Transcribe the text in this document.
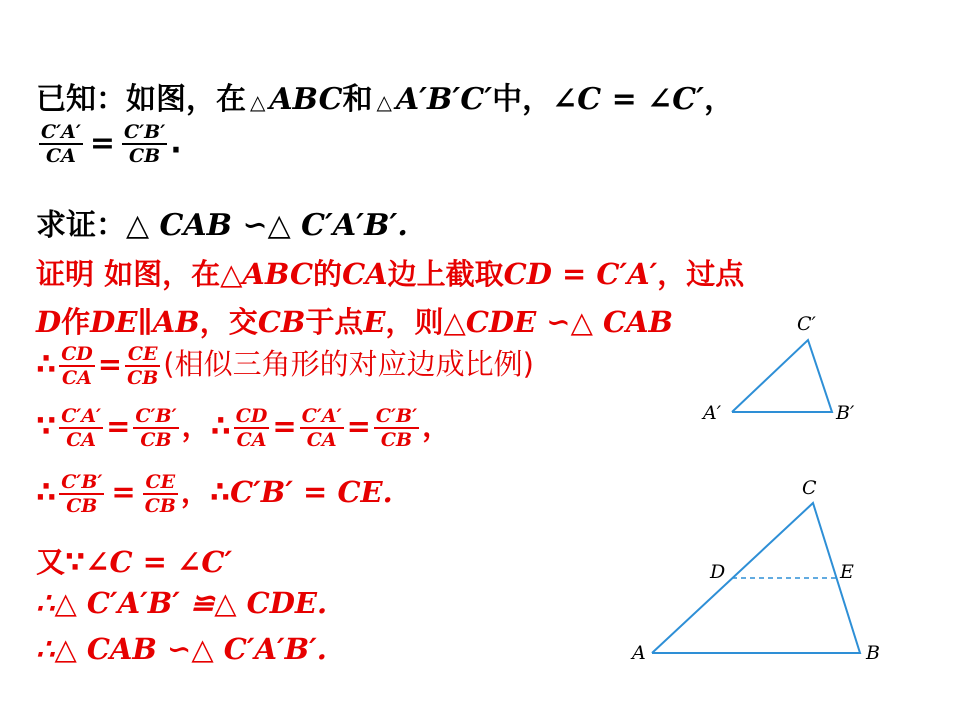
已知：如图，在 △ ABC和 △ A′B′C′中，∠C = ∠C′，
$\frac{C'A'}{CA} = \frac{C'B'}{CB}$ .
求证：△ CAB ∽△ C′A′B′.
证明 如图，在△ABC的CA边上截取CD = C′A′，过点
D作DE∥AB，交CB于点E，则△CDE ∽△ CAB
∴ $\frac{CD}{CA} = \frac{CE}{CB}$ (相似三角形的对应边成比例)
∵ $\frac{C'A'}{CA} = \frac{C'B'}{CB}$ ，∴ $\frac{CD}{CA} = \frac{C'A'}{CA} = \frac{C'B'}{CB}$ ，
∴ $\frac{C'B'}{CB} = \frac{CE}{CB}$ ，∴C′B′ = CE.
又∵∠C = ∠C′
∴△ C′A′B′ ≌△ CDE.
∴△ CAB ∽△ C′A′B′.
C′
A′	B′
C
D	E
A	B
